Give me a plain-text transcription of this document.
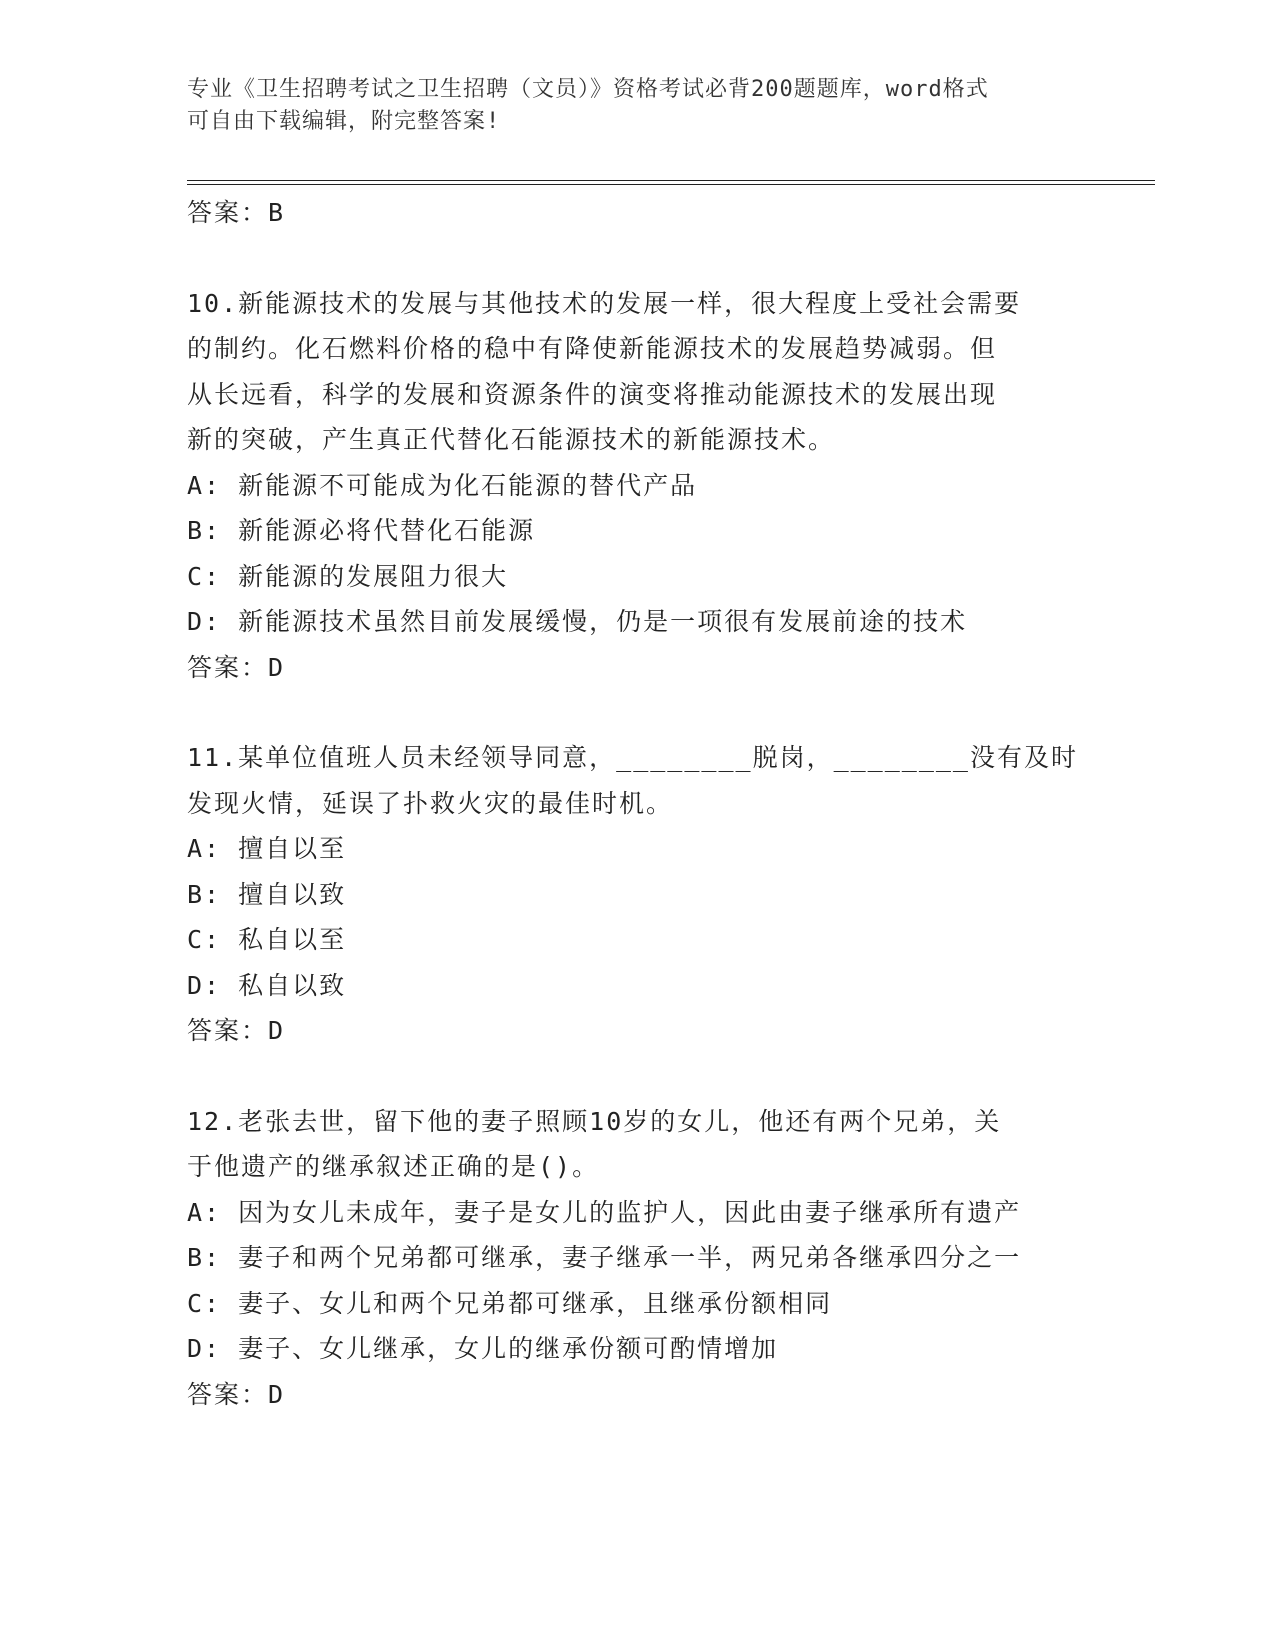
专业《卫生招聘考试之卫生招聘（文员）》资格考试必背200题题库，word格式
可自由下载编辑，附完整答案!
答案：B
10.新能源技术的发展与其他技术的发展一样，很大程度上受社会需要
的制约。化石燃料价格的稳中有降使新能源技术的发展趋势减弱。但
从长远看，科学的发展和资源条件的演变将推动能源技术的发展出现
新的突破，产生真正代替化石能源技术的新能源技术。
A: 新能源不可能成为化石能源的替代产品
B: 新能源必将代替化石能源
C: 新能源的发展阻力很大
D: 新能源技术虽然目前发展缓慢，仍是一项很有发展前途的技术
答案：D
11.某单位值班人员未经领导同意，________脱岗，________没有及时
发现火情，延误了扑救火灾的最佳时机。
A: 擅自以至
B: 擅自以致
C: 私自以至
D: 私自以致
答案：D
12.老张去世，留下他的妻子照顾10岁的女儿，他还有两个兄弟，关
于他遗产的继承叙述正确的是()。
A: 因为女儿未成年，妻子是女儿的监护人，因此由妻子继承所有遗产
B: 妻子和两个兄弟都可继承，妻子继承一半，两兄弟各继承四分之一
C: 妻子、女儿和两个兄弟都可继承，且继承份额相同
D: 妻子、女儿继承，女儿的继承份额可酌情增加
答案：D
